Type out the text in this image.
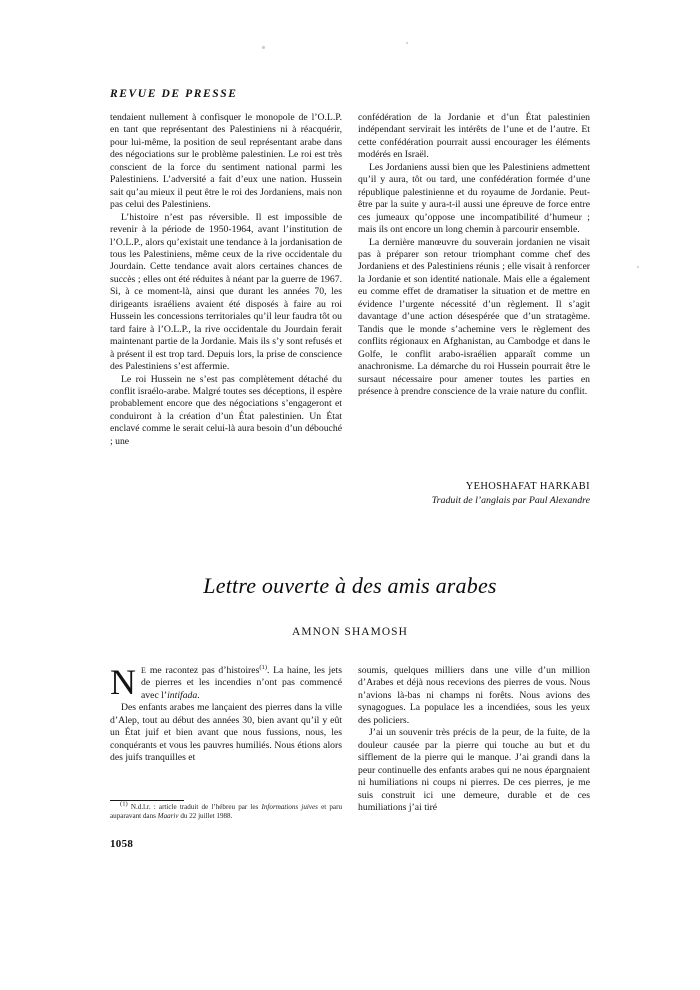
REVUE DE PRESSE

tendaient nullement à confisquer le monopole de l’O.L.P. en tant que représentant des Palestiniens ni à réacquérir, pour lui-même, la position de seul représentant arabe dans des négociations sur le problème palestinien. Le roi est très conscient de la force du sentiment national parmi les Palestiniens. L’adversité a fait d’eux une nation. Hussein sait qu’au mieux il peut être le roi des Jordaniens, mais non pas celui des Palestiniens.

L’histoire n’est pas réversible. Il est impossible de revenir à la période de 1950-1964, avant l’institution de l’O.L.P., alors qu’existait une tendance à la jordanisation de tous les Palestiniens, même ceux de la rive occidentale du Jourdain. Cette tendance avait alors certaines chances de succès ; elles ont été réduites à néant par la guerre de 1967. Si, à ce moment-là, ainsi que durant les années 70, les dirigeants israéliens avaient été disposés à faire au roi Hussein les concessions territoriales qu’il leur faudra tôt ou tard faire à l’O.L.P., la rive occidentale du Jourdain ferait maintenant partie de la Jordanie. Mais ils s’y sont refusés et à présent il est trop tard. Depuis lors, la prise de conscience des Palestiniens s’est affermie.

Le roi Hussein ne s’est pas complètement détaché du conflit israélo-arabe. Malgré toutes ses déceptions, il espère probablement encore que des négociations s’engageront et conduiront à la création d’un État palestinien. Un État enclavé comme le serait celui-là aura besoin d’un débouché ; une

confédération de la Jordanie et d’un État palestinien indépendant servirait les intérêts de l’une et de l’autre. Et cette confédération pourrait aussi encourager les éléments modérés en Israël.

Les Jordaniens aussi bien que les Palestiniens admettent qu’il y aura, tôt ou tard, une confédération formée d’une république palestinienne et du royaume de Jordanie. Peut-être par la suite y aura-t-il aussi une épreuve de force entre ces jumeaux qu’oppose une incompatibilité d’humeur ; mais ils ont encore un long chemin à parcourir ensemble.

La dernière manœuvre du souverain jordanien ne visait pas à préparer son retour triomphant comme chef des Jordaniens et des Palestiniens réunis ; elle visait à renforcer la Jordanie et son identité nationale. Mais elle a également eu comme effet de dramatiser la situation et de mettre en évidence l’urgente nécessité d’un règlement. Il s’agit davantage d’une action désespérée que d’un stratagème. Tandis que le monde s’achemine vers le règlement des conflits régionaux en Afghanistan, au Cambodge et dans le Golfe, le conflit arabo-israélien apparaît comme un anachronisme. La démarche du roi Hussein pourrait être le sursaut nécessaire pour amener toutes les parties en présence à prendre conscience de la vraie nature du conflit.

YEHOSHAFAT HARKABI
Traduit de l’anglais par Paul Alexandre
Lettre ouverte à des amis arabes
AMNON SHAMOSH

N E me racontez pas d’histoires$^{(1)}$. La haine, les jets de pierres et les incendies n’ont pas commencé avec l’intifada.

Des enfants arabes me lançaient des pierres dans la ville d’Alep, tout au début des années 30, bien avant qu’il y eût un État juif et bien avant que nous fussions, nous, les conquérants et vous les pauvres humiliés. Nous étions alors des juifs tranquilles et

soumis, quelques milliers dans une ville d’un million d’Arabes et déjà nous recevions des pierres de vous. Nous n’avions là-bas ni champs ni forêts. Nous avions des synagogues. La populace les a incendiées, sous les yeux des policiers.

J’ai un souvenir très précis de la peur, de la fuite, de la douleur causée par la pierre qui touche au but et du sifflement de la pierre qui le manque. J’ai grandi dans la peur continuelle des enfants arabes qui ne nous épargnaient ni humiliations ni coups ni pierres. De ces pierres, je me suis construit ici une demeure, durable et de ces humiliations j’ai tiré

$^{(1)}$ N.d.l.r. : article traduit de l’hébreu par les Informations juives et paru auparavant dans Maariv du 22 juillet 1988.
1058
